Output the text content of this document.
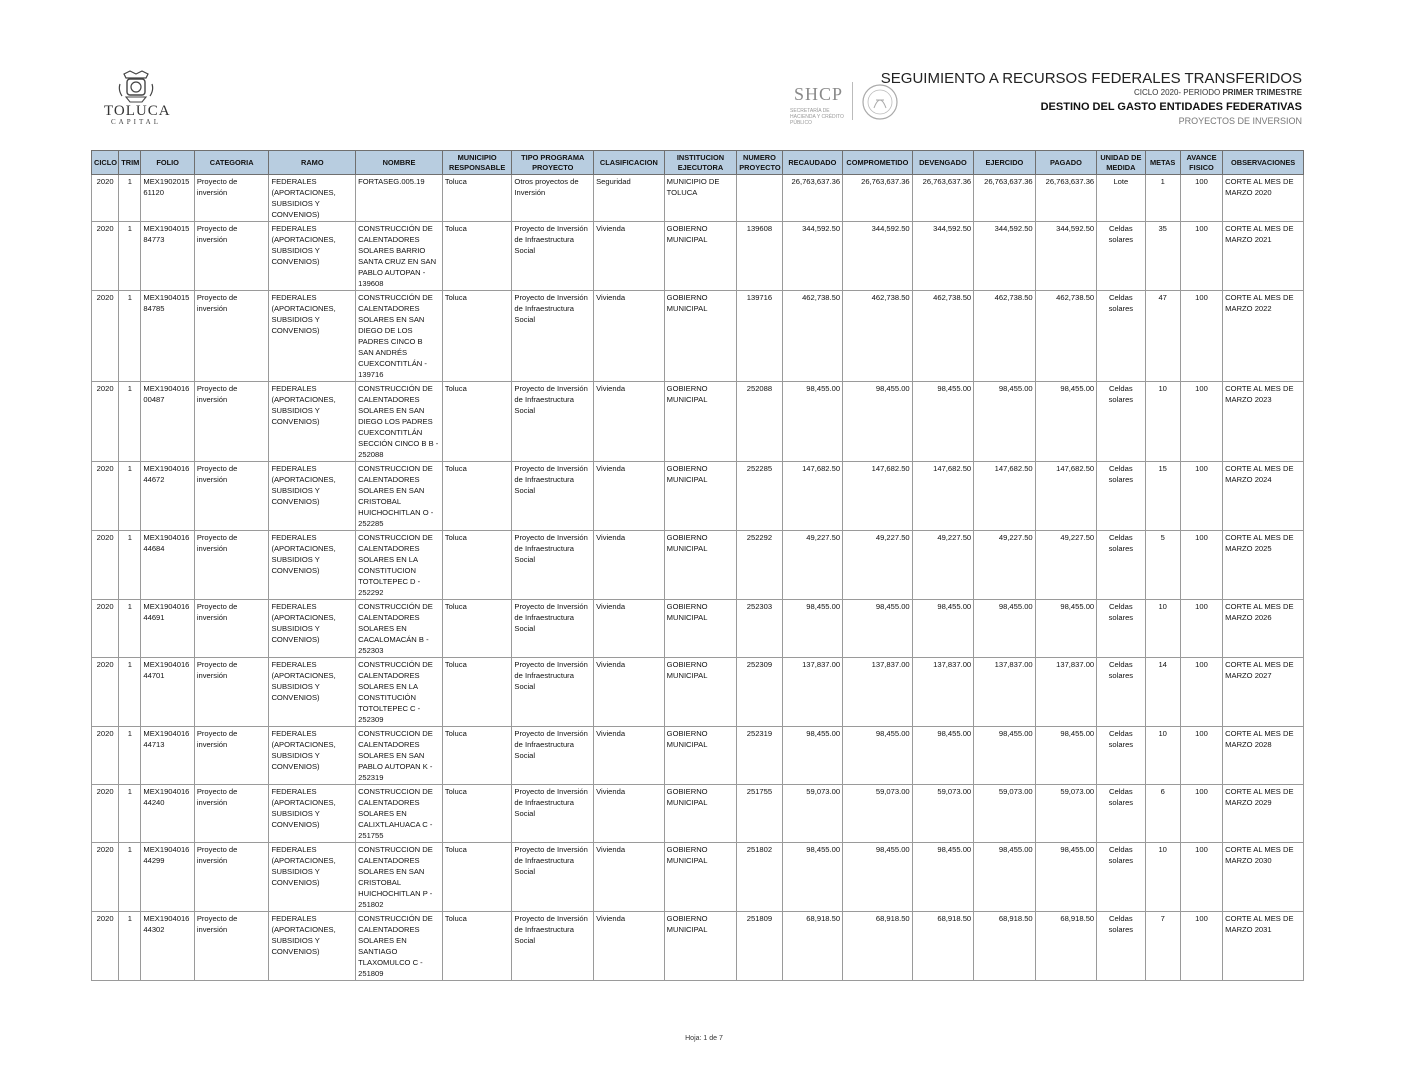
TOLUCA
CAPITAL
SHCP
SECRETARÍA DE HACIENDA Y CRÉDITO PÚBLICO
SEGUIMIENTO A RECURSOS FEDERALES TRANSFERIDOS
CICLO 2020- PERIODO PRIMER TRIMESTRE
DESTINO DEL GASTO ENTIDADES FEDERATIVAS
PROYECTOS DE INVERSION
CICLO	TRIM	FOLIO	CATEGORIA	RAMO	NOMBRE	MUNICIPIO RESPONSABLE	TIPO PROGRAMA PROYECTO	CLASIFICACION	INSTITUCION EJECUTORA	NUMERO PROYECTO	RECAUDADO	COMPROMETIDO	DEVENGADO	EJERCIDO	PAGADO	UNIDAD DE MEDIDA	METAS	AVANCE FISICO	OBSERVACIONES
2020	1	MEX1902015 61120	Proyecto de inversión	FEDERALES (APORTACIONES, SUBSIDIOS Y CONVENIOS)	FORTASEG.005.19	Toluca	Otros proyectos de Inversión	Seguridad	MUNICIPIO DE TOLUCA		26,763,637.36	26,763,637.36	26,763,637.36	26,763,637.36	26,763,637.36	Lote	1	100	CORTE AL MES DE MARZO 2020
2020	1	MEX1904015 84773	Proyecto de inversión	FEDERALES (APORTACIONES, SUBSIDIOS Y CONVENIOS)	CONSTRUCCIÓN DE CALENTADORES SOLARES BARRIO SANTA CRUZ EN SAN PABLO AUTOPAN - 139608	Toluca	Proyecto de Inversión de Infraestructura Social	Vivienda	GOBIERNO MUNICIPAL	139608	344,592.50	344,592.50	344,592.50	344,592.50	344,592.50	Celdas solares	35	100	CORTE AL MES DE MARZO 2021
2020	1	MEX1904015 84785	Proyecto de inversión	FEDERALES (APORTACIONES, SUBSIDIOS Y CONVENIOS)	CONSTRUCCIÓN DE CALENTADORES SOLARES EN SAN DIEGO DE LOS PADRES CINCO B SAN ANDRÉS CUEXCONTITLÁN - 139716	Toluca	Proyecto de Inversión de Infraestructura Social	Vivienda	GOBIERNO MUNICIPAL	139716	462,738.50	462,738.50	462,738.50	462,738.50	462,738.50	Celdas solares	47	100	CORTE AL MES DE MARZO 2022
2020	1	MEX1904016 00487	Proyecto de inversión	FEDERALES (APORTACIONES, SUBSIDIOS Y CONVENIOS)	CONSTRUCCIÓN DE CALENTADORES SOLARES EN SAN DIEGO LOS PADRES CUEXCONTITLÁN SECCIÓN CINCO B B - 252088	Toluca	Proyecto de Inversión de Infraestructura Social	Vivienda	GOBIERNO MUNICIPAL	252088	98,455.00	98,455.00	98,455.00	98,455.00	98,455.00	Celdas solares	10	100	CORTE AL MES DE MARZO 2023
2020	1	MEX1904016 44672	Proyecto de inversión	FEDERALES (APORTACIONES, SUBSIDIOS Y CONVENIOS)	CONSTRUCCION DE CALENTADORES SOLARES EN SAN CRISTOBAL HUICHOCHITLAN O - 252285	Toluca	Proyecto de Inversión de Infraestructura Social	Vivienda	GOBIERNO MUNICIPAL	252285	147,682.50	147,682.50	147,682.50	147,682.50	147,682.50	Celdas solares	15	100	CORTE AL MES DE MARZO 2024
2020	1	MEX1904016 44684	Proyecto de inversión	FEDERALES (APORTACIONES, SUBSIDIOS Y CONVENIOS)	CONSTRUCCION DE CALENTADORES SOLARES EN LA CONSTITUCION TOTOLTEPEC D - 252292	Toluca	Proyecto de Inversión de Infraestructura Social	Vivienda	GOBIERNO MUNICIPAL	252292	49,227.50	49,227.50	49,227.50	49,227.50	49,227.50	Celdas solares	5	100	CORTE AL MES DE MARZO 2025
2020	1	MEX1904016 44691	Proyecto de inversión	FEDERALES (APORTACIONES, SUBSIDIOS Y CONVENIOS)	CONSTRUCCIÓN DE CALENTADORES SOLARES EN CACALOMACÁN B - 252303	Toluca	Proyecto de Inversión de Infraestructura Social	Vivienda	GOBIERNO MUNICIPAL	252303	98,455.00	98,455.00	98,455.00	98,455.00	98,455.00	Celdas solares	10	100	CORTE AL MES DE MARZO 2026
2020	1	MEX1904016 44701	Proyecto de inversión	FEDERALES (APORTACIONES, SUBSIDIOS Y CONVENIOS)	CONSTRUCCIÓN DE CALENTADORES SOLARES EN LA CONSTITUCIÓN TOTOLTEPEC C - 252309	Toluca	Proyecto de Inversión de Infraestructura Social	Vivienda	GOBIERNO MUNICIPAL	252309	137,837.00	137,837.00	137,837.00	137,837.00	137,837.00	Celdas solares	14	100	CORTE AL MES DE MARZO 2027
2020	1	MEX1904016 44713	Proyecto de inversión	FEDERALES (APORTACIONES, SUBSIDIOS Y CONVENIOS)	CONSTRUCCION DE CALENTADORES SOLARES EN SAN PABLO AUTOPAN K - 252319	Toluca	Proyecto de Inversión de Infraestructura Social	Vivienda	GOBIERNO MUNICIPAL	252319	98,455.00	98,455.00	98,455.00	98,455.00	98,455.00	Celdas solares	10	100	CORTE AL MES DE MARZO 2028
2020	1	MEX1904016 44240	Proyecto de inversión	FEDERALES (APORTACIONES, SUBSIDIOS Y CONVENIOS)	CONSTRUCCION DE CALENTADORES SOLARES EN CALIXTLAHUACA C - 251755	Toluca	Proyecto de Inversión de Infraestructura Social	Vivienda	GOBIERNO MUNICIPAL	251755	59,073.00	59,073.00	59,073.00	59,073.00	59,073.00	Celdas solares	6	100	CORTE AL MES DE MARZO 2029
2020	1	MEX1904016 44299	Proyecto de inversión	FEDERALES (APORTACIONES, SUBSIDIOS Y CONVENIOS)	CONSTRUCCION DE CALENTADORES SOLARES EN SAN CRISTOBAL HUICHOCHITLAN P - 251802	Toluca	Proyecto de Inversión de Infraestructura Social	Vivienda	GOBIERNO MUNICIPAL	251802	98,455.00	98,455.00	98,455.00	98,455.00	98,455.00	Celdas solares	10	100	CORTE AL MES DE MARZO 2030
2020	1	MEX1904016 44302	Proyecto de inversión	FEDERALES (APORTACIONES, SUBSIDIOS Y CONVENIOS)	CONSTRUCCIÓN DE CALENTADORES SOLARES EN SANTIAGO TLAXOMULCO C - 251809	Toluca	Proyecto de Inversión de Infraestructura Social	Vivienda	GOBIERNO MUNICIPAL	251809	68,918.50	68,918.50	68,918.50	68,918.50	68,918.50	Celdas solares	7	100	CORTE AL MES DE MARZO 2031
Hoja: 1 de 7
